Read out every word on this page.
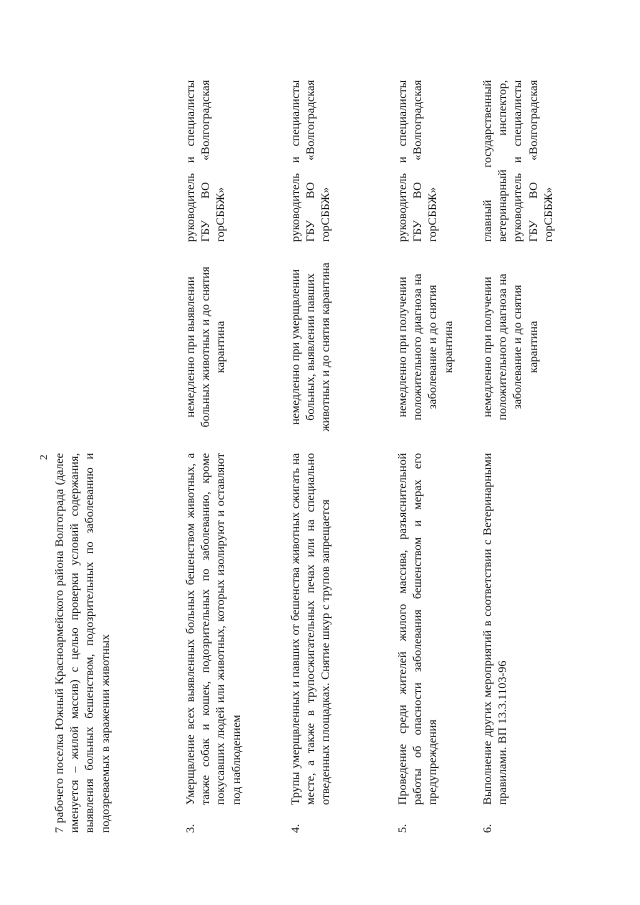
2 7 рабочего поселка Южный Красноармейского района Волгограда (далее именуется – жилой массив) с целью проверки условий содержания, выявления больных бешенством, подозрительных по заболеванию и подозреваемых в заражении животных	3.

Умерщвление всех выявленных больных бешенством животных, а также собак и кошек, подозрительных по заболеванию, кроме покусавших людей или животных, которых изолируют и оставляют под наблюдением

немедленно при выявлении больных животных и до снятия карантина

руководитель и специалисты ГБУ ВО «Волгоградская горСББЖ»

4.

Трупы умерщвленных и павших от бешенства животных сжигать на месте, а также в трупосжигательных печах или на специально отведенных площадках. Снятие шкур с трупов запрещается

немедленно при умерщвлении больных, выявлении павших животных и до снятия карантина

руководитель и специалисты ГБУ ВО «Волгоградская горСББЖ»

5.

Проведение среди жителей жилого массива, разъяснительной работы об опасности заболевания бешенством и мерах его предупреждения

немедленно при получении положительного диагноза на заболевание и до снятия карантина

руководитель и специалисты ГБУ ВО «Волгоградская горСББЖ»

6.

Выполнение других мероприятий в соответствии с Ветеринарными правилами. ВП 13.3.1103-96

немедленно при получении положительного диагноза на заболевание и до снятия карантина

главный государственный ветеринарный инспектор, руководитель и специалисты ГБУ ВО «Волгоградская горСББЖ»
